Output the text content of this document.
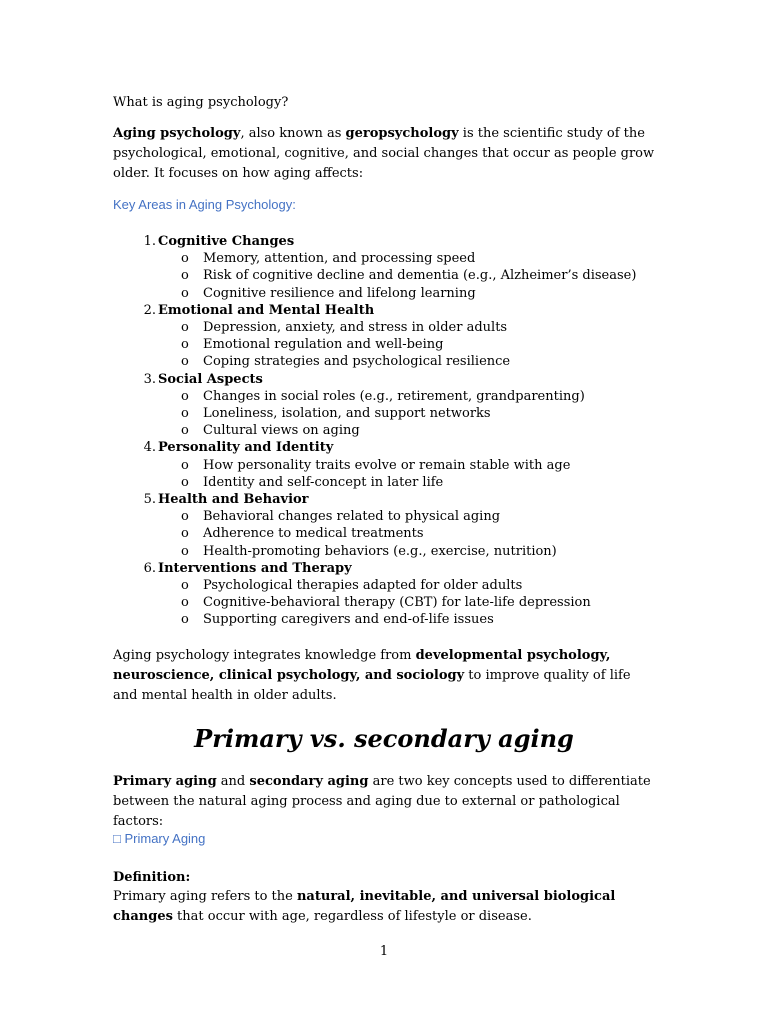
What is aging psychology?

Aging psychology, also known as geropsychology is the scientific study of the psychological, emotional, cognitive, and social changes that occur as people grow older. It focuses on how aging affects:

Key Areas in Aging Psychology:

1. Cognitive Changes
o Memory, attention, and processing speed
o Risk of cognitive decline and dementia (e.g., Alzheimer’s disease)
o Cognitive resilience and lifelong learning
2. Emotional and Mental Health
o Depression, anxiety, and stress in older adults
o Emotional regulation and well-being
o Coping strategies and psychological resilience
3. Social Aspects
o Changes in social roles (e.g., retirement, grandparenting)
o Loneliness, isolation, and support networks
o Cultural views on aging
4. Personality and Identity
o How personality traits evolve or remain stable with age
o Identity and self-concept in later life
5. Health and Behavior
o Behavioral changes related to physical aging
o Adherence to medical treatments
o Health-promoting behaviors (e.g., exercise, nutrition)
6. Interventions and Therapy
o Psychological therapies adapted for older adults
o Cognitive-behavioral therapy (CBT) for late-life depression
o Supporting caregivers and end-of-life issues

Aging psychology integrates knowledge from developmental psychology, neuroscience, clinical psychology, and sociology to improve quality of life and mental health in older adults.

Primary vs. secondary aging

Primary aging and secondary aging are two key concepts used to differentiate between the natural aging process and aging due to external or pathological factors:

□ Primary Aging

Definition:

Primary aging refers to the natural, inevitable, and universal biological changes that occur with age, regardless of lifestyle or disease.

1
